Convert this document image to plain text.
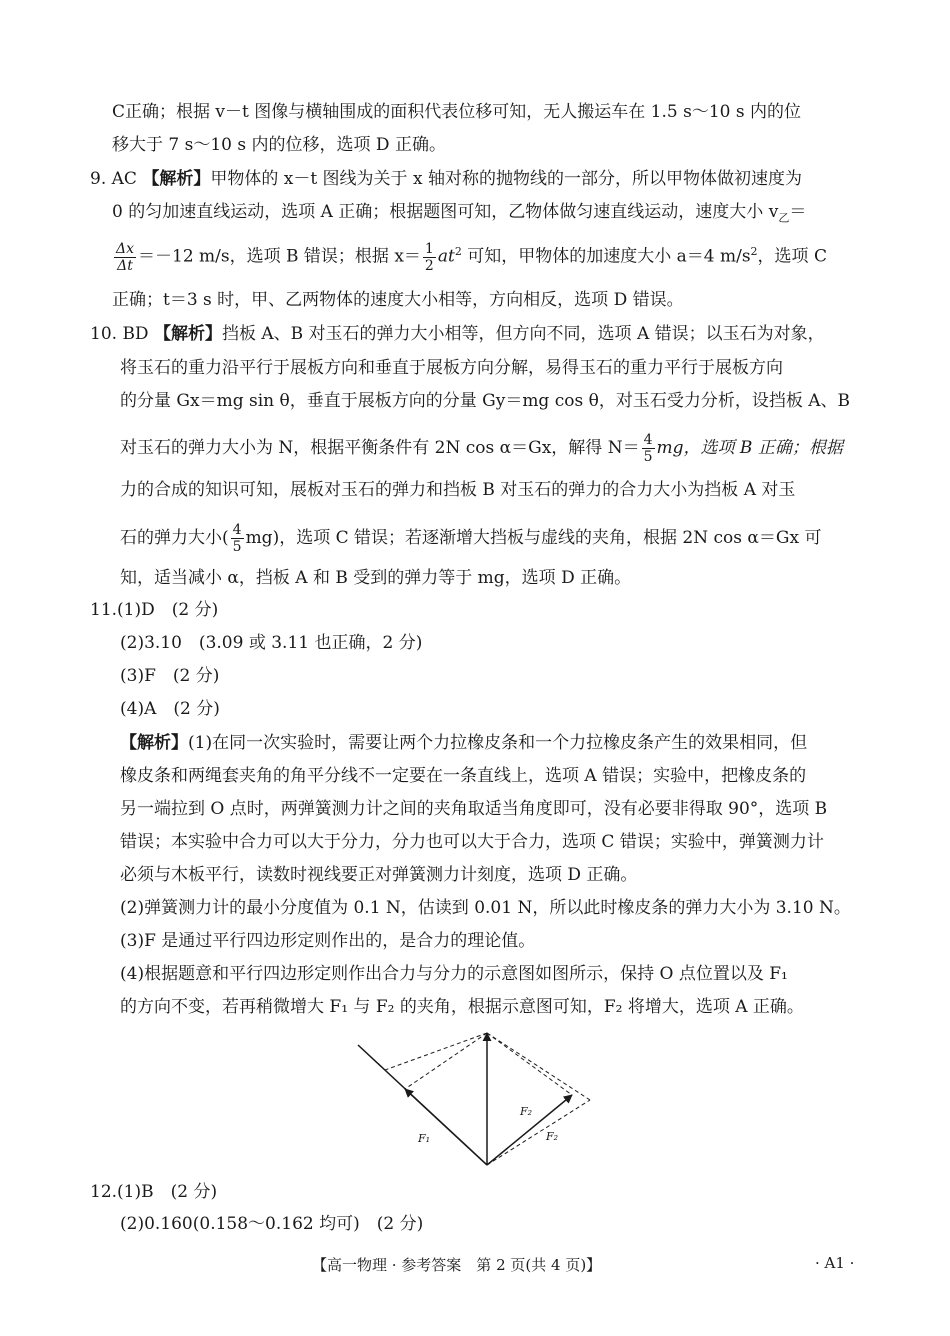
C正确；根据 v－t 图像与横轴围成的面积代表位移可知，无人搬运车在 1.5 s～10 s 内的位
移大于 7 s～10 s 内的位移，选项 D 正确。
9. AC 【解析】甲物体的 x－t 图线为关于 x 轴对称的抛物线的一部分，所以甲物体做初速度为
0 的匀加速直线运动，选项 A 正确；根据题图可知，乙物体做匀速直线运动，速度大小 $v_乙=$
$\frac{\Delta x}{\Delta t} =-12$ m/s，选项 B 错误；根据 $x= \frac{1}{2} at^2$ 可知，甲物体的加速度大小 a＝4 $m/s^2$，选项 C
正确；t＝3 s 时，甲、乙两物体的速度大小相等，方向相反，选项 D 错误。
10. BD 【解析】挡板 A、B 对玉石的弹力大小相等，但方向不同，选项 A 错误；以玉石为对象，
将玉石的重力沿平行于展板方向和垂直于展板方向分解，易得玉石的重力平行于展板方向
的分量 Gx＝mg sin θ，垂直于展板方向的分量 Gy＝mg cos θ，对玉石受力分析，设挡板 A、B
对玉石的弹力大小为 N，根据平衡条件有 2N cos α＝Gx，解得 $N= \frac{4}{5}$ mg，选项 B 正确；根据
力的合成的知识可知，展板对玉石的弹力和挡板 B 对玉石的弹力的合力大小为挡板 A 对玉
石的弹力大小( $\frac{4}{5} mg$)，选项 C 错误；若逐渐增大挡板与虚线的夹角，根据 2N cos α＝Gx 可
知，适当减小 α，挡板 A 和 B 受到的弹力等于 mg，选项 D 正确。
11.(1)D　(2 分)
(2)3.10　(3.09 或 3.11 也正确，2 分)
(3)F　(2 分)
(4)A　(2 分)
【解析】(1)在同一次实验时，需要让两个力拉橡皮条和一个力拉橡皮条产生的效果相同，但
橡皮条和两绳套夹角的角平分线不一定要在一条直线上，选项 A 错误；实验中，把橡皮条的
另一端拉到 O 点时，两弹簧测力计之间的夹角取适当角度即可，没有必要非得取 90°，选项 B
错误；本实验中合力可以大于分力，分力也可以大于合力，选项 C 错误；实验中，弹簧测力计
必须与木板平行，读数时视线要正对弹簧测力计刻度，选项 D 正确。
(2)弹簧测力计的最小分度值为 0.1 N，估读到 0.01 N，所以此时橡皮条的弹力大小为 3.10 N。
(3)F 是通过平行四边形定则作出的，是合力的理论值。
(4)根据题意和平行四边形定则作出合力与分力的示意图如图所示，保持 O 点位置以及 F₁
的方向不变，若再稍微增大 F₁ 与 F₂ 的夹角，根据示意图可知，F₂ 将增大，选项 A 正确。
F₁
F₂
F₂
12.(1)B　(2 分)
(2)0.160(0.158～0.162 均可)　(2 分)
【高一物理 · 参考答案　第 2 页(共 4 页)】	· A1 ·
